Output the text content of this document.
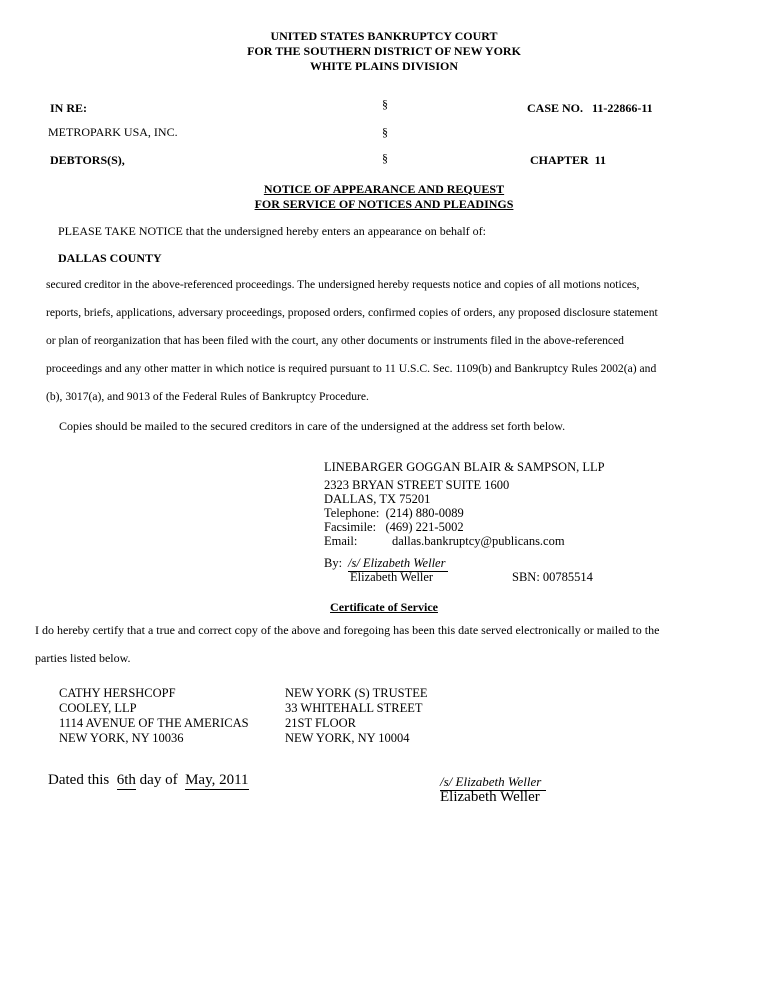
UNITED STATES BANKRUPTCY COURT
FOR THE SOUTHERN DISTRICT OF NEW YORK
WHITE PLAINS DIVISION
IN RE:	§	CASE NO. 11-22866-11
METROPARK USA, INC.	§
DEBTORS(S),	§	CHAPTER 11
NOTICE OF APPEARANCE AND REQUEST
FOR SERVICE OF NOTICES AND PLEADINGS
PLEASE TAKE NOTICE that the undersigned hereby enters an appearance on behalf of:
DALLAS COUNTY
secured creditor in the above-referenced proceedings. The undersigned hereby requests notice and copies of all motions notices,
reports, briefs, applications, adversary proceedings, proposed orders, confirmed copies of orders, any proposed disclosure statement
or plan of reorganization that has been filed with the court, any other documents or instruments filed in the above-referenced
proceedings and any other matter in which notice is required pursuant to 11 U.S.C. Sec. 1109(b) and Bankruptcy Rules 2002(a) and
(b), 3017(a), and 9013 of the Federal Rules of Bankruptcy Procedure.
Copies should be mailed to the secured creditors in care of the undersigned at the address set forth below.
LINEBARGER GOGGAN BLAIR & SAMPSON, LLP
2323 BRYAN STREET SUITE 1600
DALLAS, TX 75201
Telephone: (214) 880-0089
Facsimile: (469) 221-5002
Email:	dallas.bankruptcy@publicans.com
By: /s/ Elizabeth Weller
Elizabeth Weller	SBN: 00785514
Certificate of Service
I do hereby certify that a true and correct copy of the above and foregoing has been this date served electronically or mailed to the
parties listed below.
CATHY HERSHCOPF
COOLEY, LLP
1114 AVENUE OF THE AMERICAS
NEW YORK, NY 10036
NEW YORK (S) TRUSTEE
33 WHITEHALL STREET
21ST FLOOR
NEW YORK, NY 10004
Dated this 6th day of May, 2011	/s/ Elizabeth Weller
Elizabeth Weller
